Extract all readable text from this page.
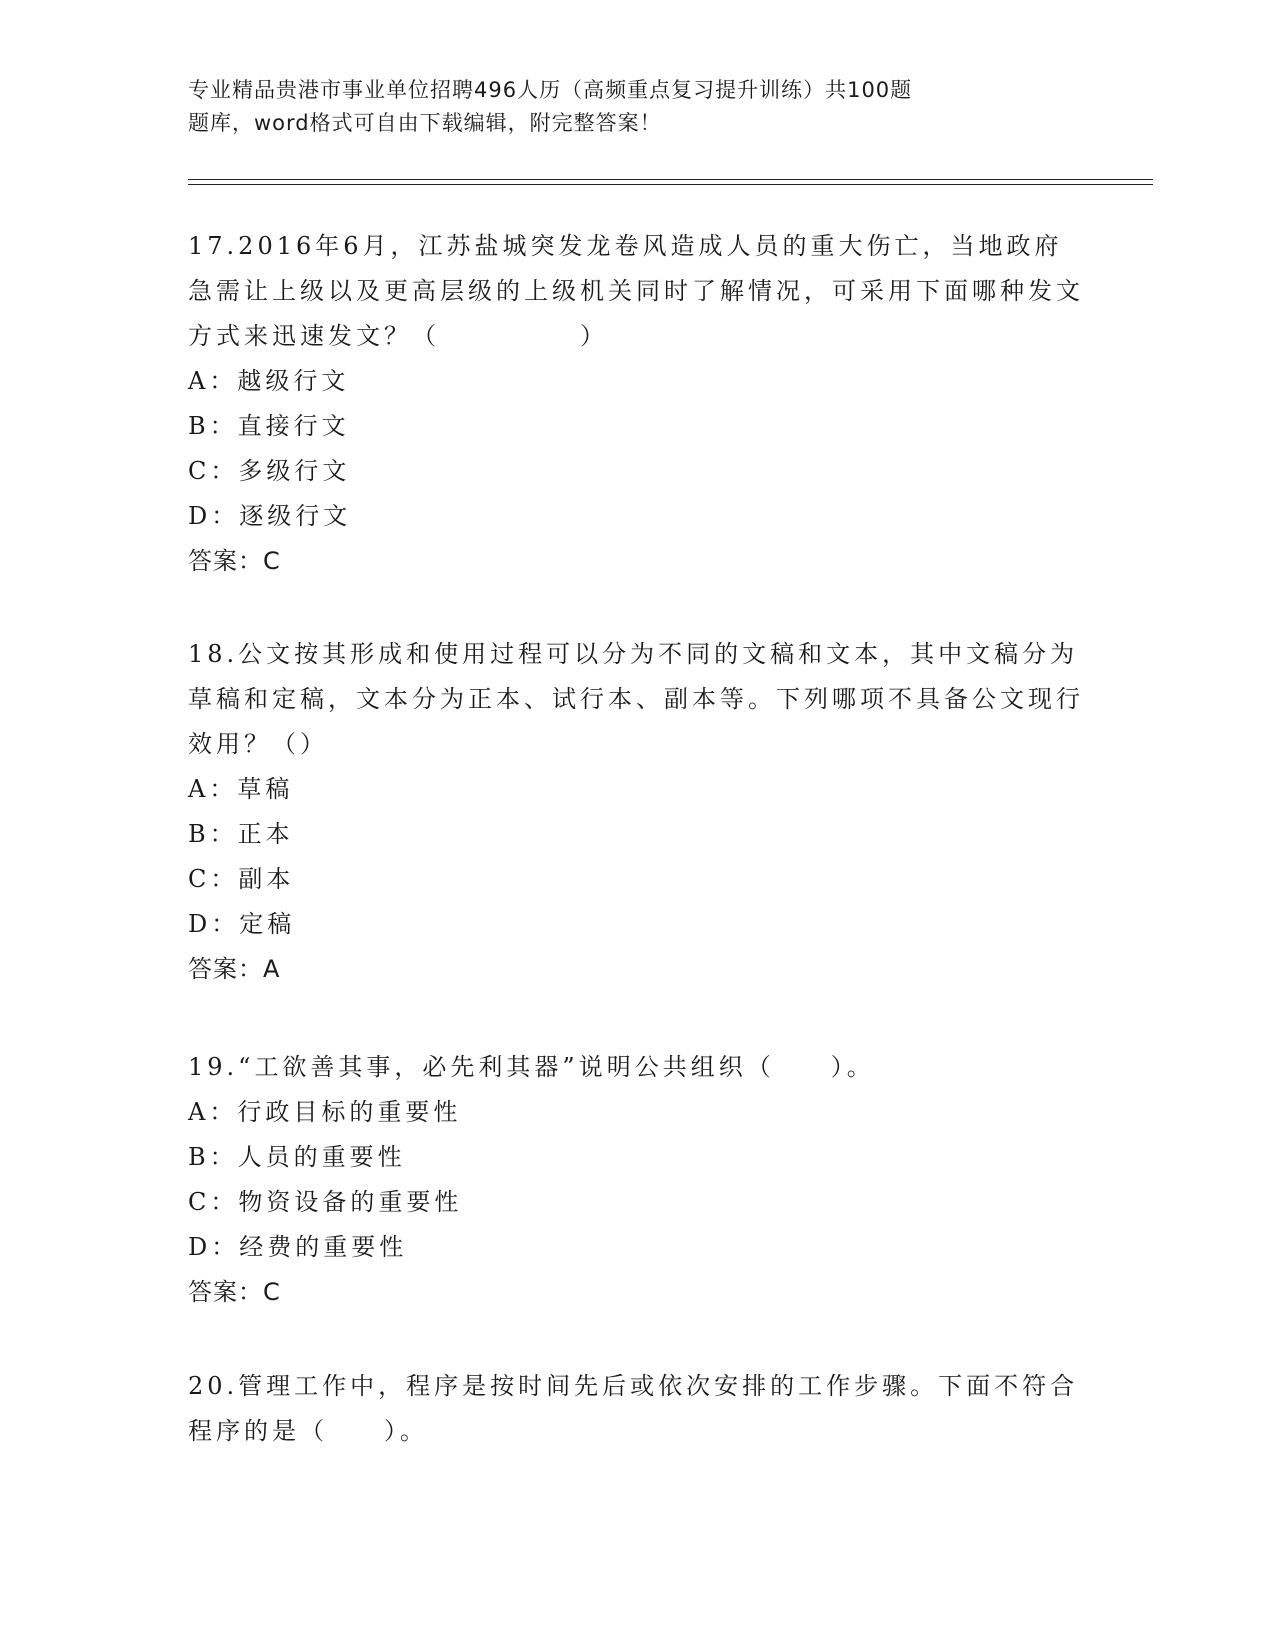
专业精品贵港市事业单位招聘496人历（高频重点复习提升训练）共100题
题库，word格式可自由下载编辑，附完整答案！

17.2016年6月，江苏盐城突发龙卷风造成人员的重大伤亡，当地政府急需让上级以及更高层级的上级机关同时了解情况，可采用下面哪种发文方式来迅速发文？（　　　　　）

A：越级行文

B：直接行文

C：多级行文

D：逐级行文

答案：C

18.公文按其形成和使用过程可以分为不同的文稿和文本，其中文稿分为草稿和定稿，文本分为正本、试行本、副本等。下列哪项不具备公文现行效用？（）

A：草稿

B：正本

C：副本

D：定稿

答案：A

19.“工欲善其事，必先利其器”说明公共组织（　　）。

A：行政目标的重要性

B：人员的重要性

C：物资设备的重要性

D：经费的重要性

答案：C

20.管理工作中，程序是按时间先后或依次安排的工作步骤。下面不符合程序的是（　　）。
